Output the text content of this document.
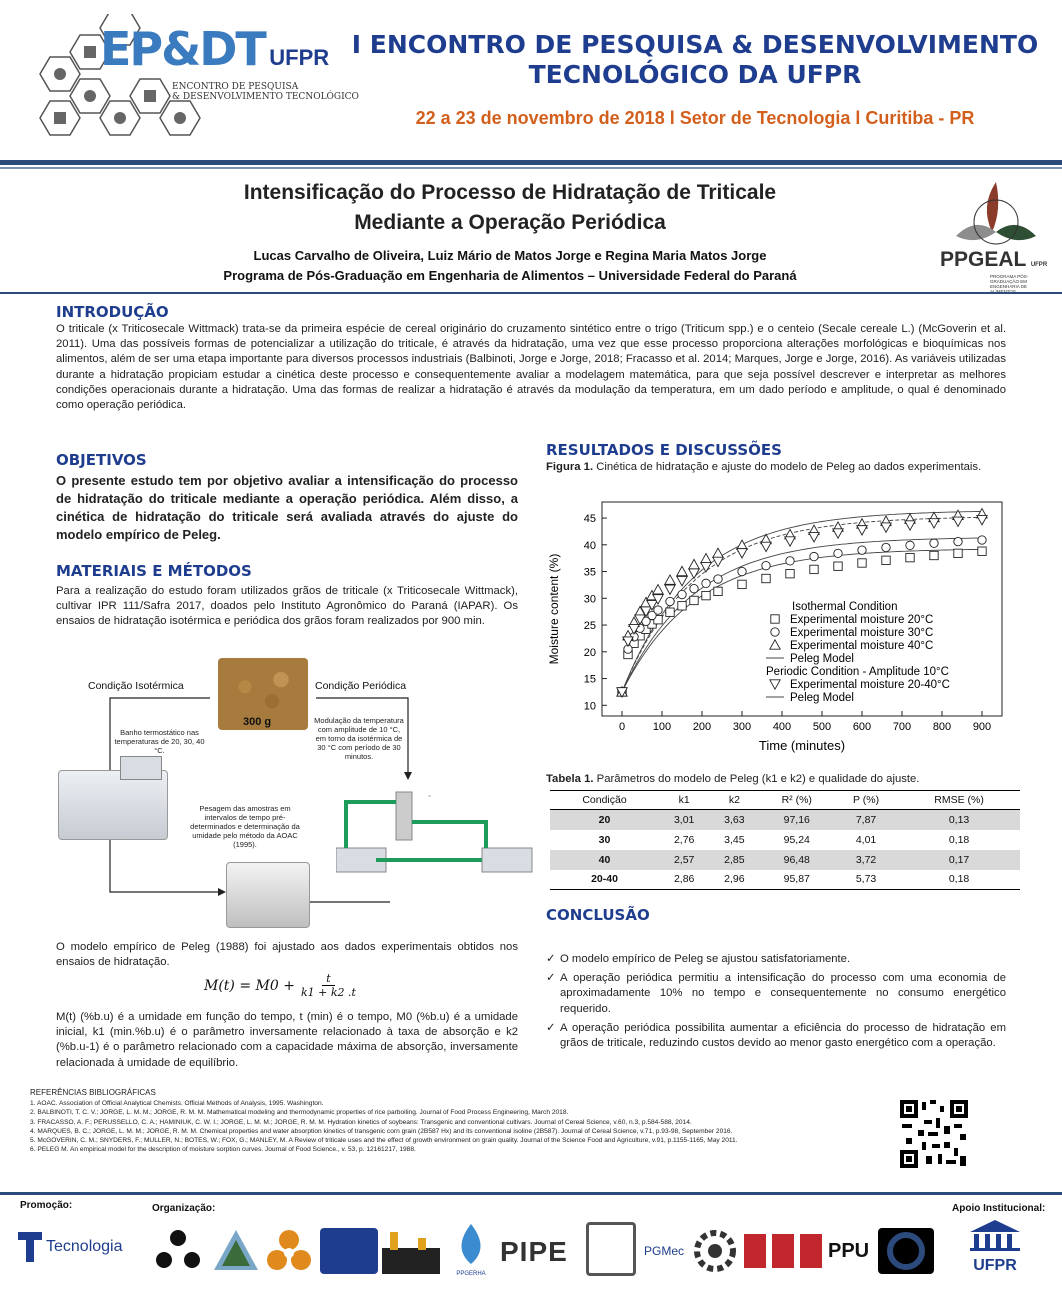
EP&DT UFPR
ENCONTRO DE PESQUISA
& DESENVOLVIMENTO TECNOLÓGICO
I ENCONTRO DE PESQUISA & DESENVOLVIMENTO
TECNOLÓGICO DA UFPR
22 a 23 de novembro de 2018 l Setor de Tecnologia l Curitiba - PR
Intensificação do Processo de Hidratação de Triticale
Mediante a Operação Periódica
Lucas Carvalho de Oliveira, Luiz Mário de Matos Jorge e Regina Maria Matos Jorge
Programa de Pós-Graduação em Engenharia de Alimentos – Universidade Federal do Paraná
PPGEAL UFPR
PROGRAMA PÓS-GRADUAÇÃO EM ENGENHARIA DE
INTRODUÇÃO
O triticale (x Triticosecale Wittmack) trata-se da primeira espécie de cereal originário do cruzamento sintético entre o trigo (Triticum spp.) e o centeio (Secale cereale L.) (McGoverin et al. 2011). Uma das possíveis formas de potencializar a utilização do triticale, é através da hidratação, uma vez que esse processo proporciona alterações morfológicas e bioquímicas nos alimentos, além de ser uma etapa importante para diversos processos industriais (Balbinoti, Jorge e Jorge, 2018; Fracasso et al. 2014; Marques, Jorge e Jorge, 2016). As variáveis utilizadas durante a hidratação propiciam estudar a cinética deste processo e consequentemente avaliar a modelagem matemática, para que seja possível descrever e interpretar as melhores condições operacionais durante a hidratação. Uma das formas de realizar a hidratação é através da modulação da temperatura, em um dado período e amplitude, o qual é denominado como operação periódica.
OBJETIVOS
O presente estudo tem por objetivo avaliar a intensificação do processo de hidratação do triticale mediante a operação periódica. Além disso, a cinética de hidratação do triticale será avaliada através do ajuste do modelo empírico de Peleg.
MATERIAIS E MÉTODOS
Para a realização do estudo foram utilizados grãos de triticale (x Triticosecale Wittmack), cultivar IPR 111/Safra 2017, doados pelo Instituto Agronômico do Paraná (IAPAR). Os ensaios de hidratação isotérmica e periódica dos grãos foram realizados por 900 min.
Condição Isotérmica	Condição Periódica
300 g
Banho termostático nas temperaturas de 20, 30, 40 °C.
Modulação da temperatura com amplitude de 10 °C, em torno da isotérmica de 30 °C com período de 30 minutos.
Pesagem das amostras em intervalos de tempo pré-determinados e determinação da umidade pelo método da AOAC (1995).
~
O modelo empírico de Peleg (1988) foi ajustado aos dados experimentais obtidos nos ensaios de hidratação.
$M(t) = M0 + \frac{t}{k1 + k2 .t}$
M(t) (%b.u) é a umidade em função do tempo, t (min) é o tempo, M0 (%b.u) é a umidade inicial, k1 (min.%b.u) é o parâmetro inversamente relacionado à taxa de absorção e k2 (%b.u-1) é o parâmetro relacionado com a capacidade máxima de absorção, inversamente relacionada à umidade de equilíbrio.
RESULTADOS E DISCUSSÕES
Figura 1. Cinética de hidratação e ajuste do modelo de Peleg ao dados experimentais.
0	100 200 300 400 500 600 700 800 900
10
15
20
25
30
35
40
45
Time (minutes)
Moisture content (%)	Isothermal Condition
Experimental moisture 20°C
Experimental moisture 30°C
Experimental moisture 40°C
Peleg Model
Periodic Condition - Amplitude 10°C
Experimental moisture 20-40°C
Peleg Model
Tabela 1. Parâmetros do modelo de Peleg (k1 e k2) e qualidade do ajuste.
Condição	k1	k2	R² (%)	P (%)	RMSE (%)
20	3,01	3,63	97,16	7,87	0,13
30	2,76	3,45	95,24	4,01	0,18
40	2,57	2,85	96,48	3,72	0,17
20-40	2,86	2,96	95,87	5,73	0,18
CONCLUSÃO
✓ O modelo empírico de Peleg se ajustou satisfatoriamente.
✓ A operação periódica permitiu a intensificação do processo com uma economia de aproximadamente 10% no tempo e consequentemente no consumo energético requerido.
✓ A operação periódica possibilita aumentar a eficiência do processo de hidratação em grãos de triticale, reduzindo custos devido ao menor gasto energético com a operação.
REFERÊNCIAS BIBLIOGRÁFICAS
1. AOAC. Association of Official Analytical Chemists. Official Methods of Analysis, 1995. Washington.
2. BALBINOTI, T. C. V.; JORGE, L. M. M.; JORGE, R. M. M. Mathematical modeling and thermodynamic properties of rice parboiling. Journal of Food Process Engineering, March 2018.
3. FRACASSO, A. F.; PERUSSELLO, C. A.; HAMINIUK, C. W. I.; JORGE, L. M. M.; JORGE, R. M. M. Hydration kinetics of soybeans: Transgenic and conventional cultivars. Journal of Cereal Science, v.60, n.3, p.584-588, 2014.
4. MARQUES, B. C.; JORGE, L. M. M.; JORGE, R. M. M. Chemical properties and water absorption kinetics of transgenic corn grain (2B587 Hx) and its conventional isoline (2B587). Journal of Cereal Science, v.71, p.93-98, September 2016.
5. McGOVERIN, C. M.; SNYDERS, F.; MULLER, N.; BOTES, W.; FOX, G.; MANLEY, M. A Review of triticale uses and the effect of growth environment on grain quality. Journal of the Science Food and Agriculture, v.91, p.1155-1165, May 2011.
6. PELEG M. An empirical model for the description of moisture sorption curves. Journal of Food Science., v. 53, p. 12161217, 1988.
Promoção:	Organização:	Apoio Institucional:
Tecnologia
PPGERHA
PIPE	PGMec	PPU
UFPR
